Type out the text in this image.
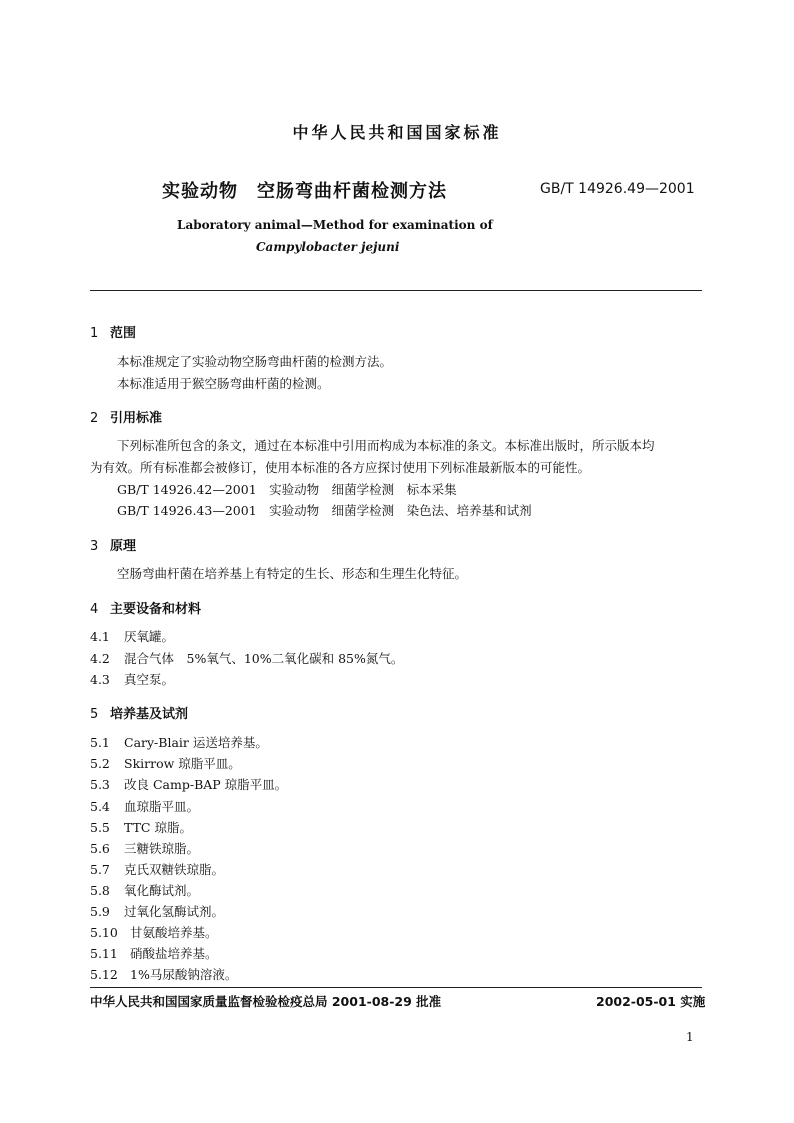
中华人民共和国国家标准
实验动物　空肠弯曲杆菌检测方法	GB/T 14926.49—2001
Laboratory animal—Method for examination of
Campylobacter jejuni
1 范围
本标准规定了实验动物空肠弯曲杆菌的检测方法。
本标准适用于猴空肠弯曲杆菌的检测。
2 引用标准
下列标准所包含的条文，通过在本标准中引用而构成为本标准的条文。本标准出版时，所示版本均
为有效。所有标准都会被修订，使用本标准的各方应探讨使用下列标准最新版本的可能性。
GB/T 14926.42—2001　实验动物　细菌学检测　标本采集
GB/T 14926.43—2001　实验动物　细菌学检测　染色法、培养基和试剂
3 原理
空肠弯曲杆菌在培养基上有特定的生长、形态和生理生化特征。
4 主要设备和材料
4.1 厌氧罐。
4.2 混合气体　5%氧气、10%二氧化碳和 85%氮气。
4.3 真空泵。
5 培养基及试剂
5.1 Cary-Blair 运送培养基。
5.2 Skirrow 琼脂平皿。
5.3 改良 Camp-BAP 琼脂平皿。
5.4 血琼脂平皿。
5.5 TTC 琼脂。
5.6 三糖铁琼脂。
5.7 克氏双糖铁琼脂。
5.8 氧化酶试剂。
5.9 过氧化氢酶试剂。
5.10 甘氨酸培养基。
5.11 硝酸盐培养基。
5.12 1%马尿酸钠溶液。
中华人民共和国国家质量监督检验检疫总局 2001-08-29 批准	2002-05-01 实施
1
